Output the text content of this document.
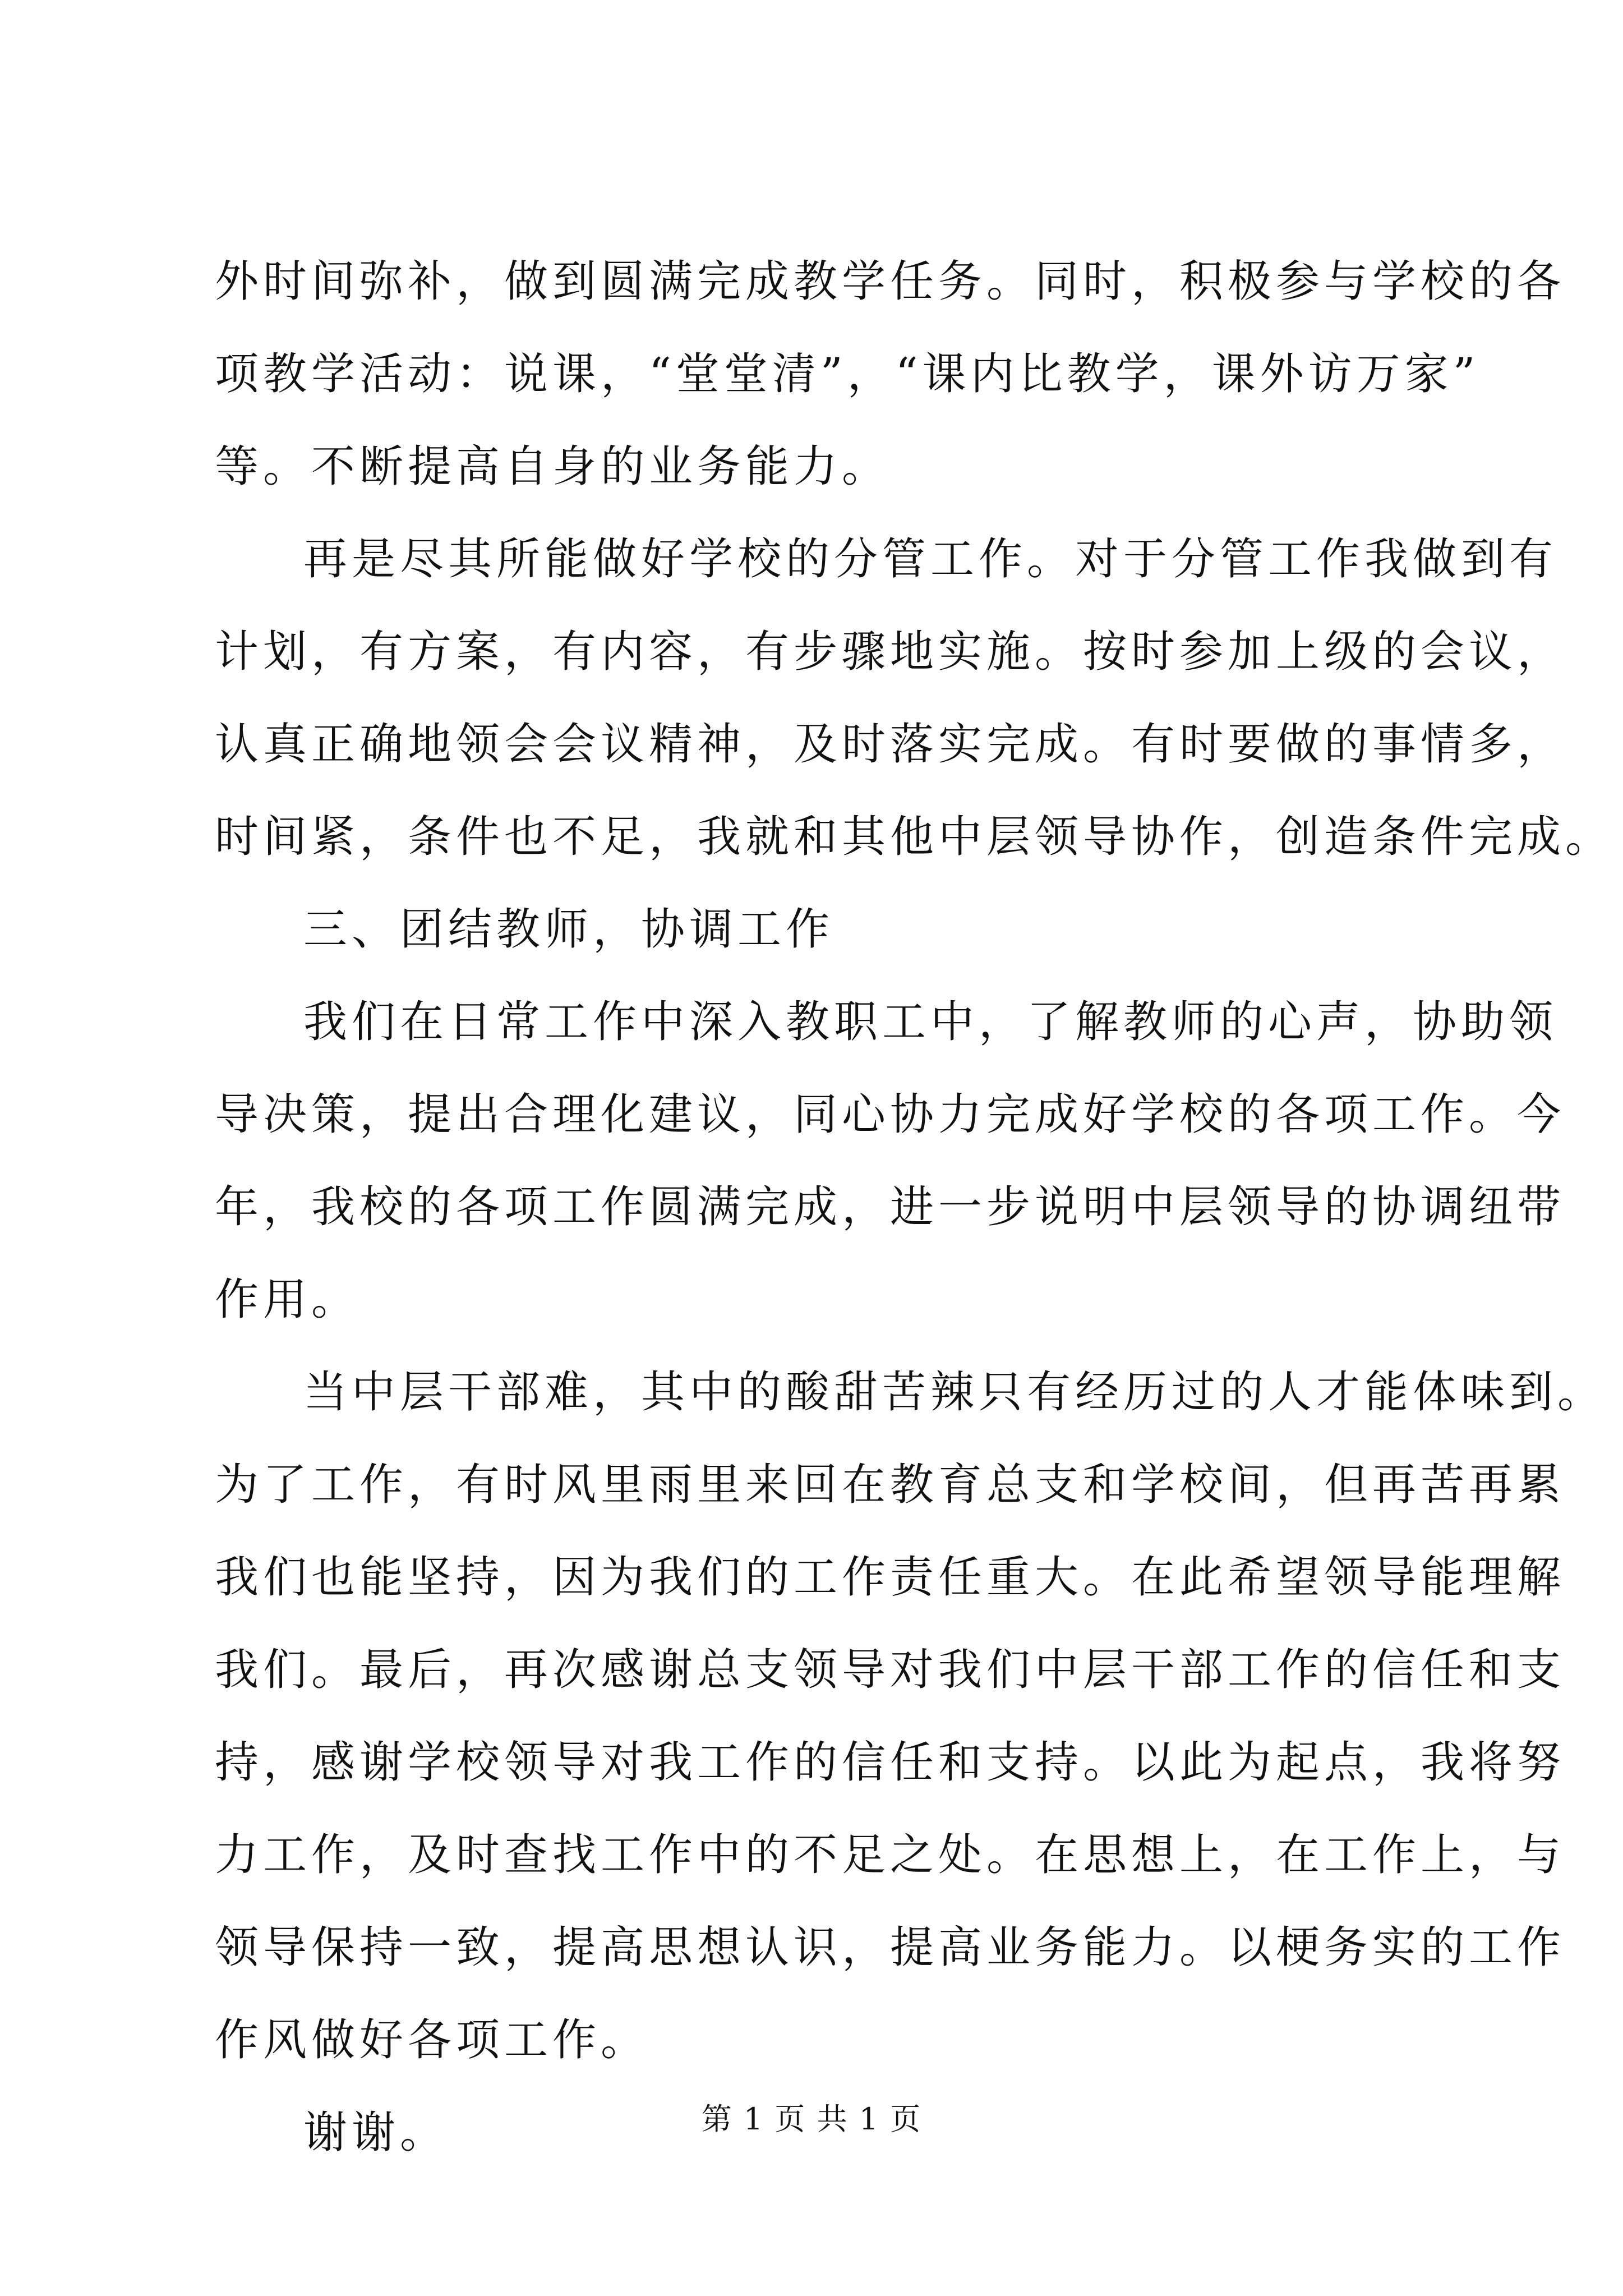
外时间弥补，做到圆满完成教学任务。同时，积极参与学校的各
项教学活动：说课，“堂堂清”，“课内比教学，课外访万家”
等。不断提高自身的业务能力。
再是尽其所能做好学校的分管工作。对于分管工作我做到有
计划，有方案，有内容，有步骤地实施。按时参加上级的会议，
认真正确地领会会议精神，及时落实完成。有时要做的事情多，
时间紧，条件也不足，我就和其他中层领导协作，创造条件完成。
三、团结教师，协调工作
我们在日常工作中深入教职工中，了解教师的心声，协助领
导决策，提出合理化建议，同心协力完成好学校的各项工作。今
年，我校的各项工作圆满完成，进一步说明中层领导的协调纽带
作用。
当中层干部难，其中的酸甜苦辣只有经历过的人才能体味到。
为了工作，有时风里雨里来回在教育总支和学校间，但再苦再累
我们也能坚持，因为我们的工作责任重大。在此希望领导能理解
我们。最后，再次感谢总支领导对我们中层干部工作的信任和支
持，感谢学校领导对我工作的信任和支持。以此为起点，我将努
力工作，及时查找工作中的不足之处。在思想上，在工作上，与
领导保持一致，提高思想认识，提高业务能力。以梗务实的工作
作风做好各项工作。
谢谢。	第 1 页 共 1 页
